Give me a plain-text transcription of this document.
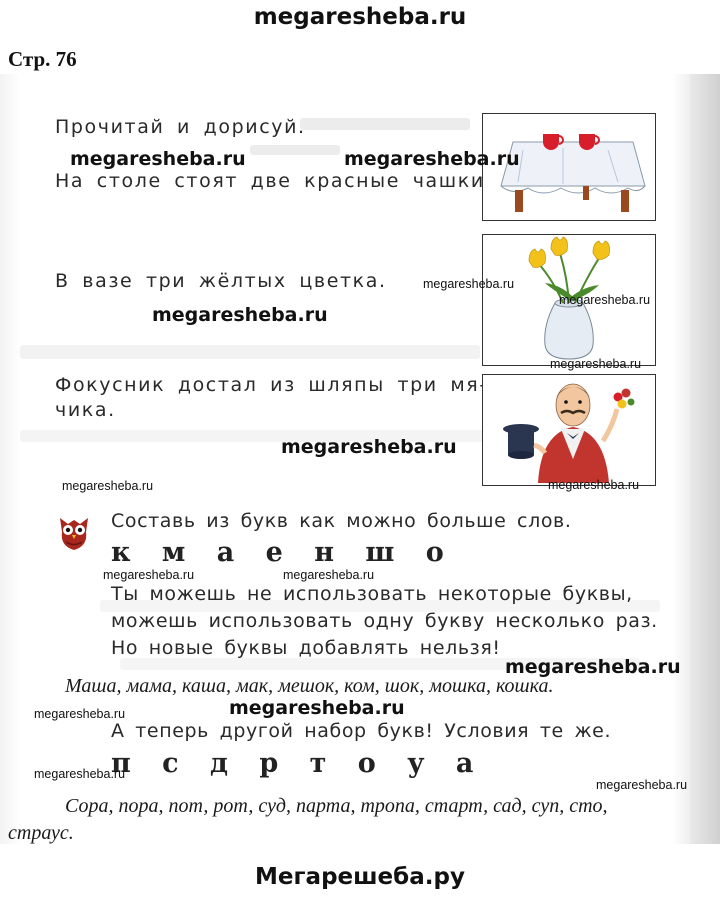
megaresheba.ru
Стр. 76
Прочитай и дорисуй.
На столе стоят две красные чашки.
В вазе три жёлтых цветка.
Фокусник достал из шляпы три мя-
чика.
Составь из букв как можно больше слов.
к м а е н ш о
Ты можешь не использовать некоторые буквы,
можешь использовать одну букву несколько раз.
Но новые буквы добавлять нельзя!
Маша, мама, каша, мак, мешок, ком, шок, мошка, кошка.
А теперь другой набор букв! Условия те же.
п с д р т о у а
Сора, пора, пот, рот, суд, парта, тропа, старт, сад, суп, сто,
страус.
megaresheba.ru	megaresheba.ru
megaresheba.ru
megaresheba.ru
megaresheba.ru
megaresheba.ru
megaresheba.ru
megaresheba.ru	megaresheba.ru
megaresheba.ru	megaresheba.ru
megaresheba.ru
megaresheba.ru
megaresheba.ru
megaresheba.ru
megaresheba.ru
Мегарешеба.ру
